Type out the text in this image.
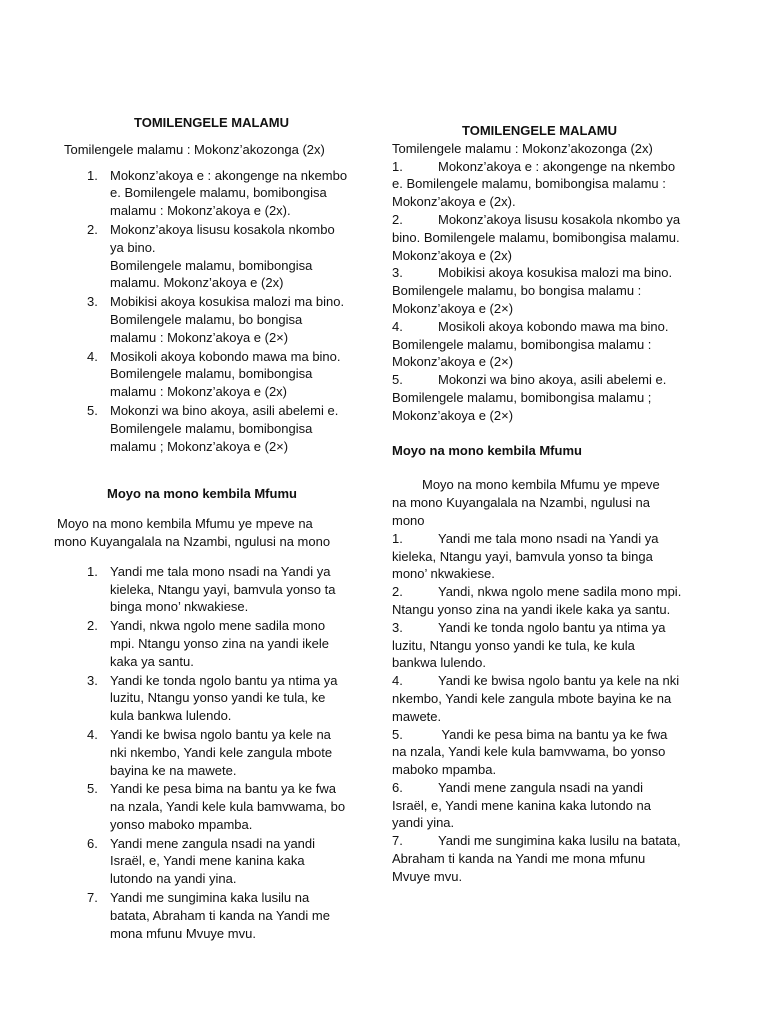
TOMILENGELE MALAMU

Tomilengele malamu : Mokonz’akozonga (2x)

1. Mokonz’akoya e : akongenge na nkembo
e. Bomilengele malamu, bomibongisa
malamu : Mokonz’akoya e (2x).
2. Mokonz’akoya lisusu kosakola nkombo
ya bino.
Bomilengele malamu, bomibongisa
malamu. Mokonz’akoya e (2x)
3. Mobikisi akoya kosukisa malozi ma bino.
Bomilengele malamu, bo bongisa
malamu : Mokonz’akoya e (2×)
4. Mosikoli akoya kobondo mawa ma bino.
Bomilengele malamu, bomibongisa
malamu : Mokonz’akoya e (2x)
5. Mokonzi wa bino akoya, asili abelemi e.
Bomilengele malamu, bomibongisa
malamu ; Mokonz’akoya e (2×)

Moyo na mono kembila Mfumu

Moyo na mono kembila Mfumu ye mpeve na
mono Kuyangalala na Nzambi, ngulusi na mono

1. Yandi me tala mono nsadi na Yandi ya
kieleka, Ntangu yayi, bamvula yonso ta
binga mono’ nkwakiese.
2. Yandi, nkwa ngolo mene sadila mono
mpi. Ntangu yonso zina na yandi ikele
kaka ya santu.
3. Yandi ke tonda ngolo bantu ya ntima ya
luzitu, Ntangu yonso yandi ke tula, ke
kula bankwa lulendo.
4. Yandi ke bwisa ngolo bantu ya kele na
nki nkembo, Yandi kele zangula mbote
bayina ke na mawete.
5. Yandi ke pesa bima na bantu ya ke fwa
na nzala, Yandi kele kula bamvwama, bo
yonso maboko mpamba.
6. Yandi mene zangula nsadi na yandi
Israël, e, Yandi mene kanina kaka
lutondo na yandi yina.
7. Yandi me sungimina kaka lusilu na
batata, Abraham ti kanda na Yandi me
mona mfunu Mvuye mvu.

TOMILENGELE MALAMU

Tomilengele malamu : Mokonz’akozonga (2x)

1.	Mokonz’akoya e : akongenge na nkemboe. Bomilengele malamu, bomibongisa malamu :Mokonz’akoya e (2x).
2.	Mokonz’akoya lisusu kosakola nkombo ya bino. Bomilengele malamu, bomibongisa malamu.Mokonz’akoya e (2x)
3.	Mobikisi akoya kosukisa malozi ma bino.Bomilengele malamu, bo bongisa malamu :Mokonz’akoya e (2×)
4.	Mosikoli akoya kobondo mawa ma bino.Bomilengele malamu, bomibongisa malamu :Mokonz’akoya e (2×)
5.	Mokonzi wa bino akoya, asili abelemi e.Bomilengele malamu, bomibongisa malamu ;Mokonz’akoya e (2×)

Moyo na mono kembila Mfumu

Moyo na mono kembila Mfumu ye mpeve
na mono Kuyangalala na Nzambi, ngulusi na mono

1.	Yandi me tala mono nsadi na Yandi yakieleka, Ntangu yayi, bamvula yonso ta bingamono’ nkwakiese.
2.	Yandi, nkwa ngolo mene sadila mono mpi. Ntangu yonso zina na yandi ikele kaka ya santu.
3.	Yandi ke tonda ngolo bantu ya ntima yaluzitu, Ntangu yonso yandi ke tula, ke kulabankwa lulendo.
4.	Yandi ke bwisa ngolo bantu ya kele na nki nkembo, Yandi kele zangula mbote bayina ke na mawete.
5.	Yandi ke pesa bima na bantu ya ke fwana nzala, Yandi kele kula bamvwama, bo yonsomaboko mpamba.
6.	Yandi mene zangula nsadi na yandiIsraël, e, Yandi mene kanina kaka lutondo nayandi yina.
7.	Yandi me sungimina kaka lusilu na batata, Abraham ti kanda na Yandi me mona mfunu Mvuye mvu.
